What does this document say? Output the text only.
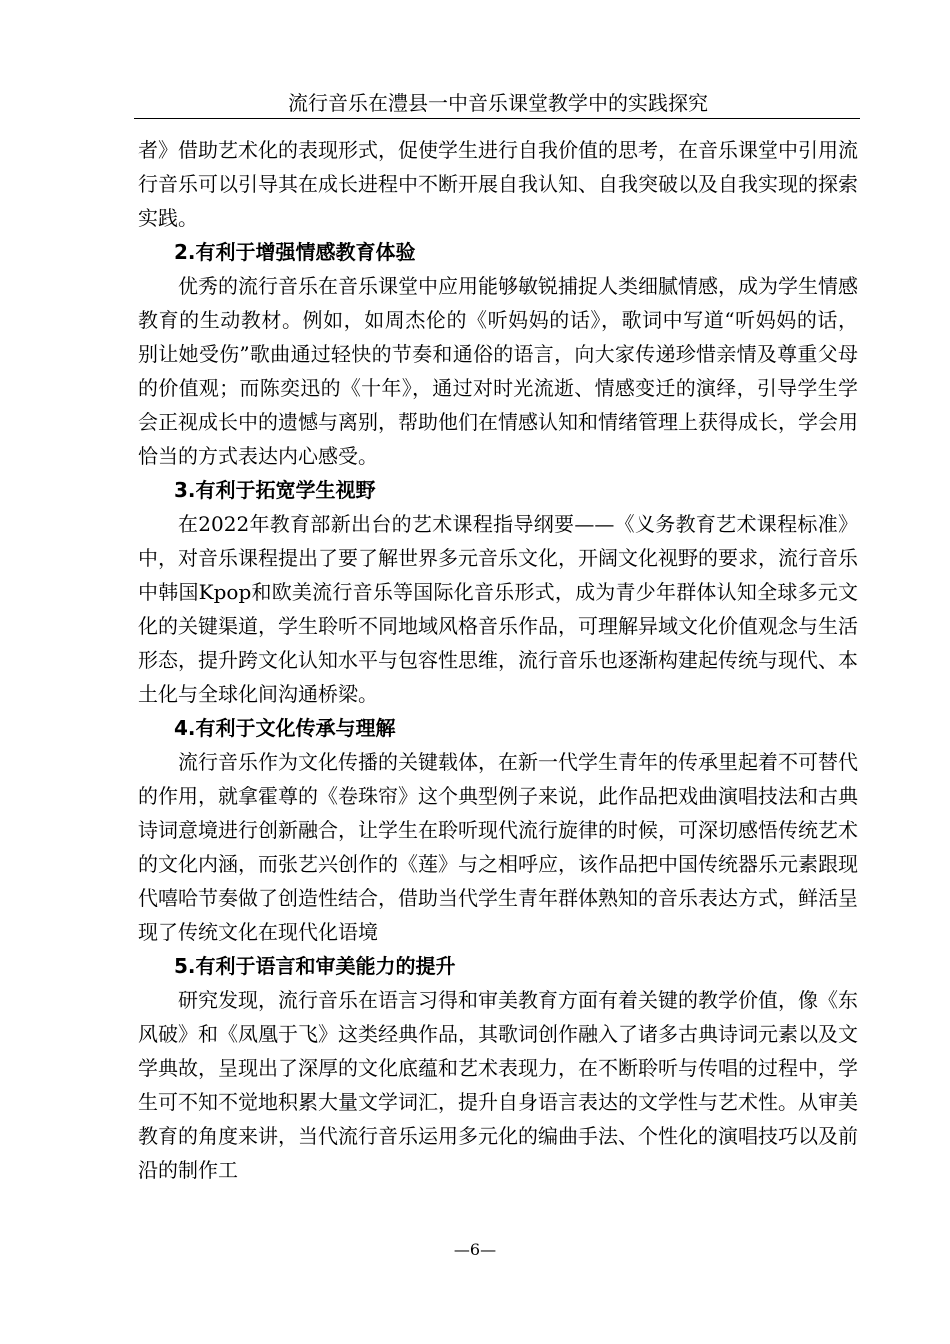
流行音乐在澧县一中音乐课堂教学中的实践探究

者》借助艺术化的表现形式，促使学生进行自我价值的思考，在音乐课堂中引用流行音乐可以引导其在成长进程中不断开展自我认知、自我突破以及自我实现的探索实践。

2.有利于增强情感教育体验

优秀的流行音乐在音乐课堂中应用能够敏锐捕捉人类细腻情感，成为学生情感教育的生动教材。例如，如周杰伦的《听妈妈的话》，歌词中写道“听妈妈的话，别让她受伤”歌曲通过轻快的节奏和通俗的语言，向大家传递珍惜亲情及尊重父母的价值观；而陈奕迅的《十年》，通过对时光流逝、情感变迁的演绎，引导学生学会正视成长中的遗憾与离别，帮助他们在情感认知和情绪管理上获得成长，学会用恰当的方式表达内心感受。

3.有利于拓宽学生视野

在2022年教育部新出台的艺术课程指导纲要——《义务教育艺术课程标准》中，对音乐课程提出了要了解世界多元音乐文化，开阔文化视野的要求，流行音乐中韩国Kpop和欧美流行音乐等国际化音乐形式，成为青少年群体认知全球多元文化的关键渠道，学生聆听不同地域风格音乐作品，可理解异域文化价值观念与生活形态，提升跨文化认知水平与包容性思维，流行音乐也逐渐构建起传统与现代、本土化与全球化间沟通桥梁。

4.有利于文化传承与理解

流行音乐作为文化传播的关键载体，在新一代学生青年的传承里起着不可替代的作用，就拿霍尊的《卷珠帘》这个典型例子来说，此作品把戏曲演唱技法和古典诗词意境进行创新融合，让学生在聆听现代流行旋律的时候，可深切感悟传统艺术的文化内涵，而张艺兴创作的《莲》与之相呼应，该作品把中国传统器乐元素跟现代嘻哈节奏做了创造性结合，借助当代学生青年群体熟知的音乐表达方式，鲜活呈现了传统文化在现代化语境

5.有利于语言和审美能力的提升

研究发现，流行音乐在语言习得和审美教育方面有着关键的教学价值，像《东风破》和《凤凰于飞》这类经典作品，其歌词创作融入了诸多古典诗词元素以及文学典故，呈现出了深厚的文化底蕴和艺术表现力，在不断聆听与传唱的过程中，学生可不知不觉地积累大量文学词汇，提升自身语言表达的文学性与艺术性。从审美教育的角度来讲，当代流行音乐运用多元化的编曲手法、个性化的演唱技巧以及前沿的制作工

—6—
